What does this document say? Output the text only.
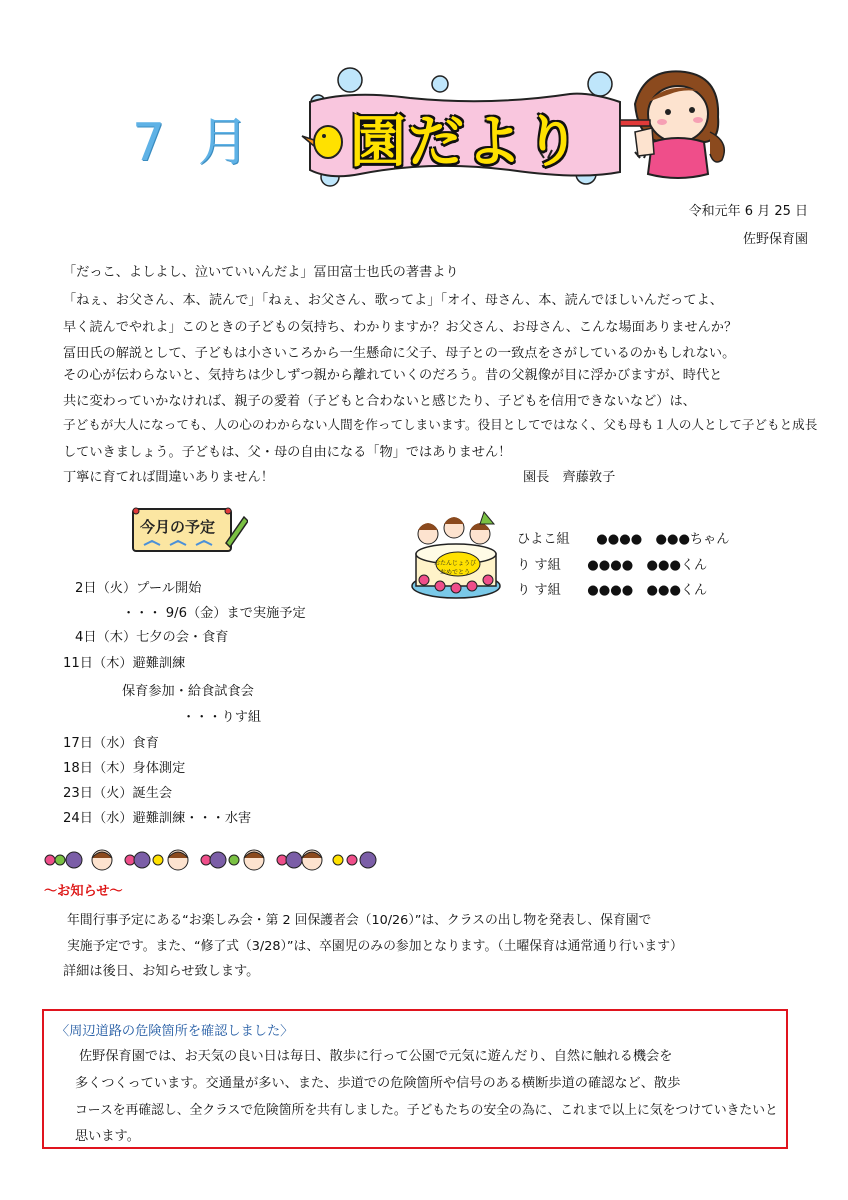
7 月 園だより
令和元年 6 月 25 日
佐野保育園
「だっこ、よしよし、泣いていいんだよ」冨田富士也氏の著書より
「ねぇ、お父さん、本、読んで」「ねぇ、お父さん、歌ってよ」「オイ、母さん、本、読んでほしいんだってよ、
早く読んでやれよ」このときの子どもの気持ち、わかりますか？お父さん、お母さん、こんな場面ありませんか？
冨田氏の解説として、子どもは小さいころから一生懸命に父子、母子との一致点をさがしているのかもしれない。
その心が伝わらないと、気持ちは少しずつ親から離れていくのだろう。昔の父親像が目に浮かびますが、時代と
共に変わっていかなければ、親子の愛着（子どもと合わないと感じたり、子どもを信用できないなど）は、
子どもが大人になっても、人の心のわからない人間を作ってしまいます。役目としてではなく、父も母も１人の人として子どもと成長
していきましょう。子どもは、父・母の自由になる「物」ではありません！
丁寧に育てれば間違いありません！	園長　齊藤敦子
今月の予定
2日（火）プール開始
・・・ 9/6（金）まで実施予定
4日（木）七夕の会・食育
11日（木）避難訓練
保育参加・給食試食会
・・・りす組
17日（水）食育
18日（木）身体測定
23日（火）誕生会
24日（水）避難訓練・・・水害
おたんじょうび おめでとう
ひよこ組　　●●●●　●●●ちゃん
り す組　　●●●●　●●●くん
り す組　　●●●●　●●●くん
～お知らせ～
年間行事予定にある“お楽しみ会・第 2 回保護者会（10/26）”は、クラスの出し物を発表し、保育園で
実施予定です。また、“修了式（3/28）”は、卒園児のみの参加となります。（土曜保育は通常通り行います）
詳細は後日、お知らせ致します。
〈周辺道路の危険箇所を確認しました〉
佐野保育園では、お天気の良い日は毎日、散歩に行って公園で元気に遊んだり、自然に触れる機会を
多くつくっています。交通量が多い、また、歩道での危険箇所や信号のある横断歩道の確認など、散歩
コースを再確認し、全クラスで危険箇所を共有しました。子どもたちの安全の為に、これまで以上に気をつけていきたいと
思います。
